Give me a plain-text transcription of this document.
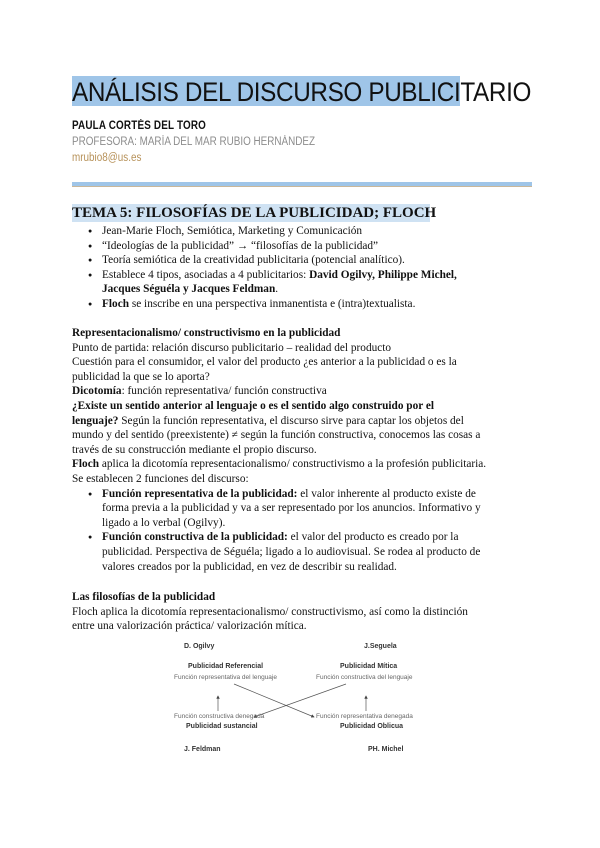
ANÁLISIS DEL DISCURSO PUBLICITARIO
PAULA CORTÉS DEL TORO
PROFESORA: MARÍA DEL MAR RUBIO HERNÁNDEZ
mrubio8@us.es
TEMA 5: FILOSOFÍAS DE LA PUBLICIDAD; FLOCH
● Jean-Marie Floch, Semiótica, Marketing y Comunicación
● “Ideologías de la publicidad” → “filosofías de la publicidad”
● Teoría semiótica de la creatividad publicitaria (potencial analítico).
● Establece 4 tipos, asociadas a 4 publicitarios: David Ogilvy, Philippe Michel,
Jacques Séguéla y Jacques Feldman.
● Floch se inscribe en una perspectiva inmanentista e (intra)textualista.
Representacionalismo/ constructivismo en la publicidad
Punto de partida: relación discurso publicitario – realidad del producto
Cuestión para el consumidor, el valor del producto ¿es anterior a la publicidad o es la
publicidad la que se lo aporta?
Dicotomía: función representativa/ función constructiva
¿Existe un sentido anterior al lenguaje o es el sentido algo construido por el
lenguaje? Según la función representativa, el discurso sirve para captar los objetos del
mundo y del sentido (preexistente) ≠ según la función constructiva, conocemos las cosas a
través de su construcción mediante el propio discurso.
Floch aplica la dicotomía representacionalismo/ constructivismo a la profesión publicitaria.
Se establecen 2 funciones del discurso:
● Función representativa de la publicidad: el valor inherente al producto existe de
forma previa a la publicidad y va a ser representado por los anuncios. Informativo y
ligado a lo verbal (Ogilvy).
● Función constructiva de la publicidad: el valor del producto es creado por la
publicidad. Perspectiva de Séguéla; ligado a lo audiovisual. Se rodea al producto de
valores creados por la publicidad, en vez de describir su realidad.
Las filosofías de la publicidad
Floch aplica la dicotomía representacionalismo/ constructivismo, así como la distinción
entre una valorización práctica/ valorización mítica.
D. Ogilvy	J.Seguela
Publicidad Referencial
Función representativa del lenguaje
Publicidad Mítica
Función constructiva del lenguaje
Función constructiva denegada
Publicidad sustancial
Función representativa denegada
Publicidad Oblicua
J. Feldman	PH. Michel
